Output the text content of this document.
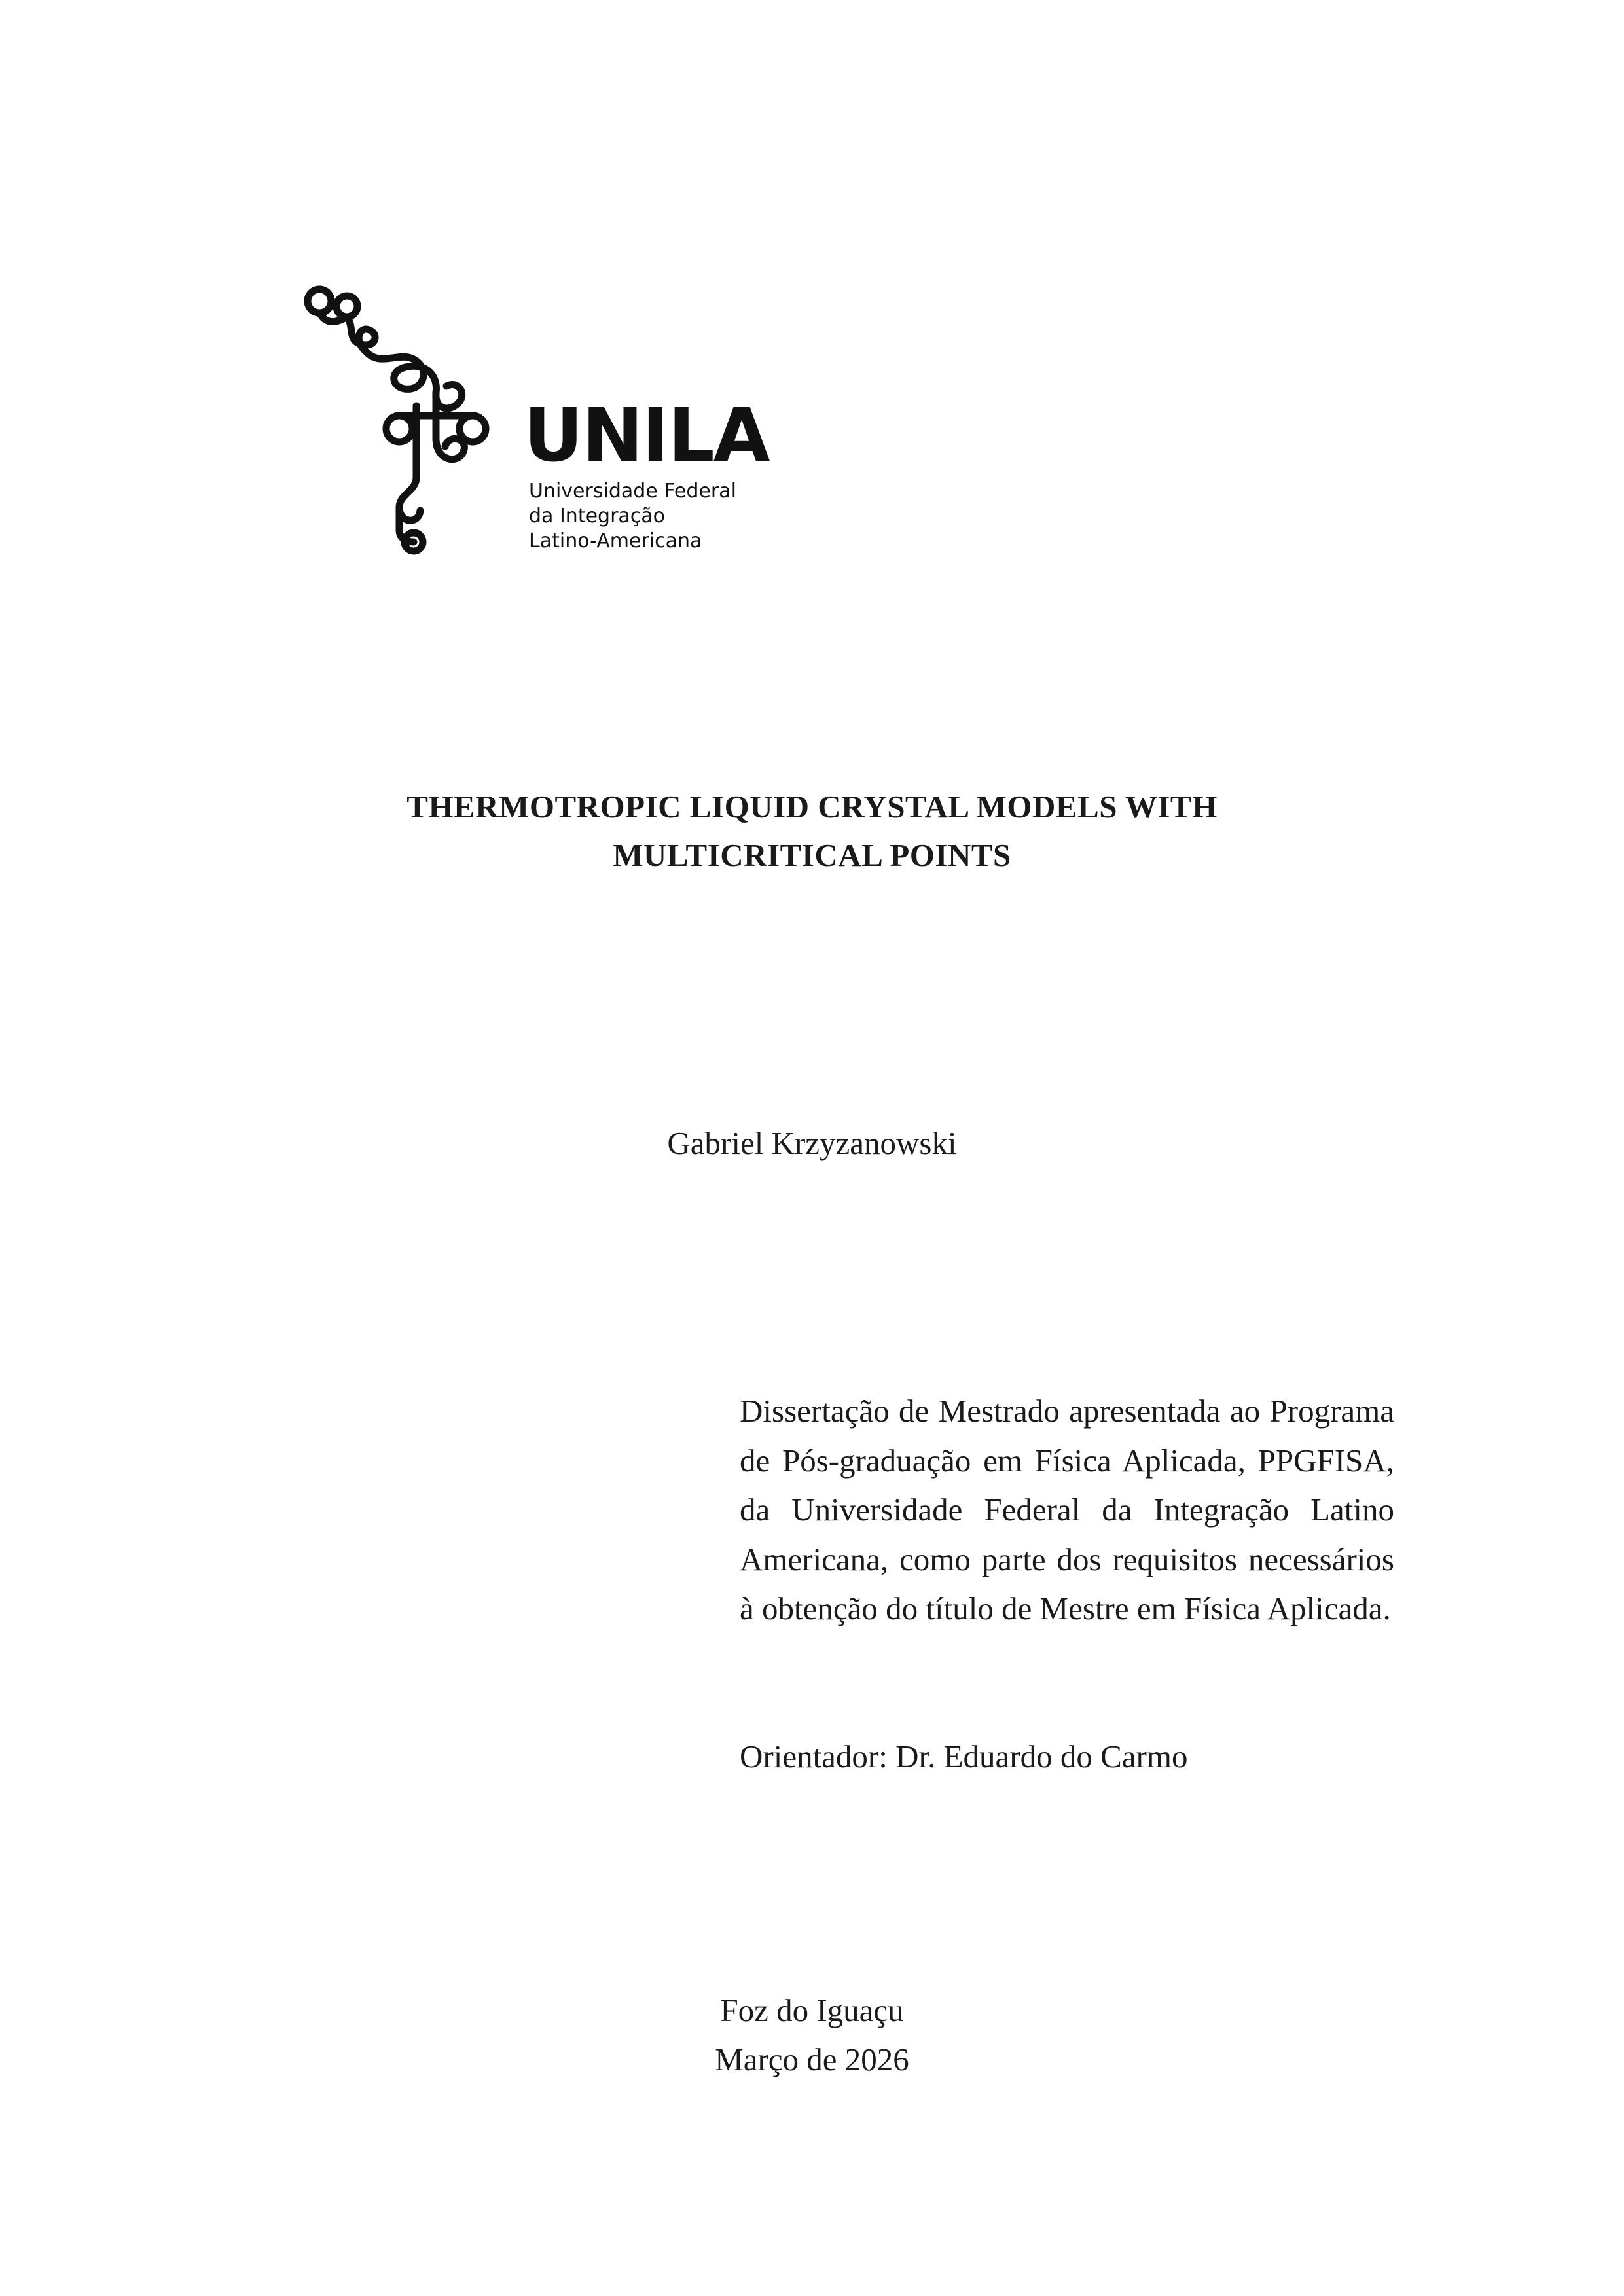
UNILA
Universidade Federal
da Integração
Latino-Americana
THERMOTROPIC LIQUID CRYSTAL MODELS WITH
MULTICRITICAL POINTS
Gabriel Krzyzanowski
Dissertação de Mestrado apresentada ao Programa de Pós-graduação em Física Aplicada, PPGFISA, da Universidade Federal da Integração Latino Americana, como parte dos requisitos necessários à obtenção do título de Mestre em Física Aplicada.
Orientador: Dr. Eduardo do Carmo
Foz do Iguaçu
Março de 2026
